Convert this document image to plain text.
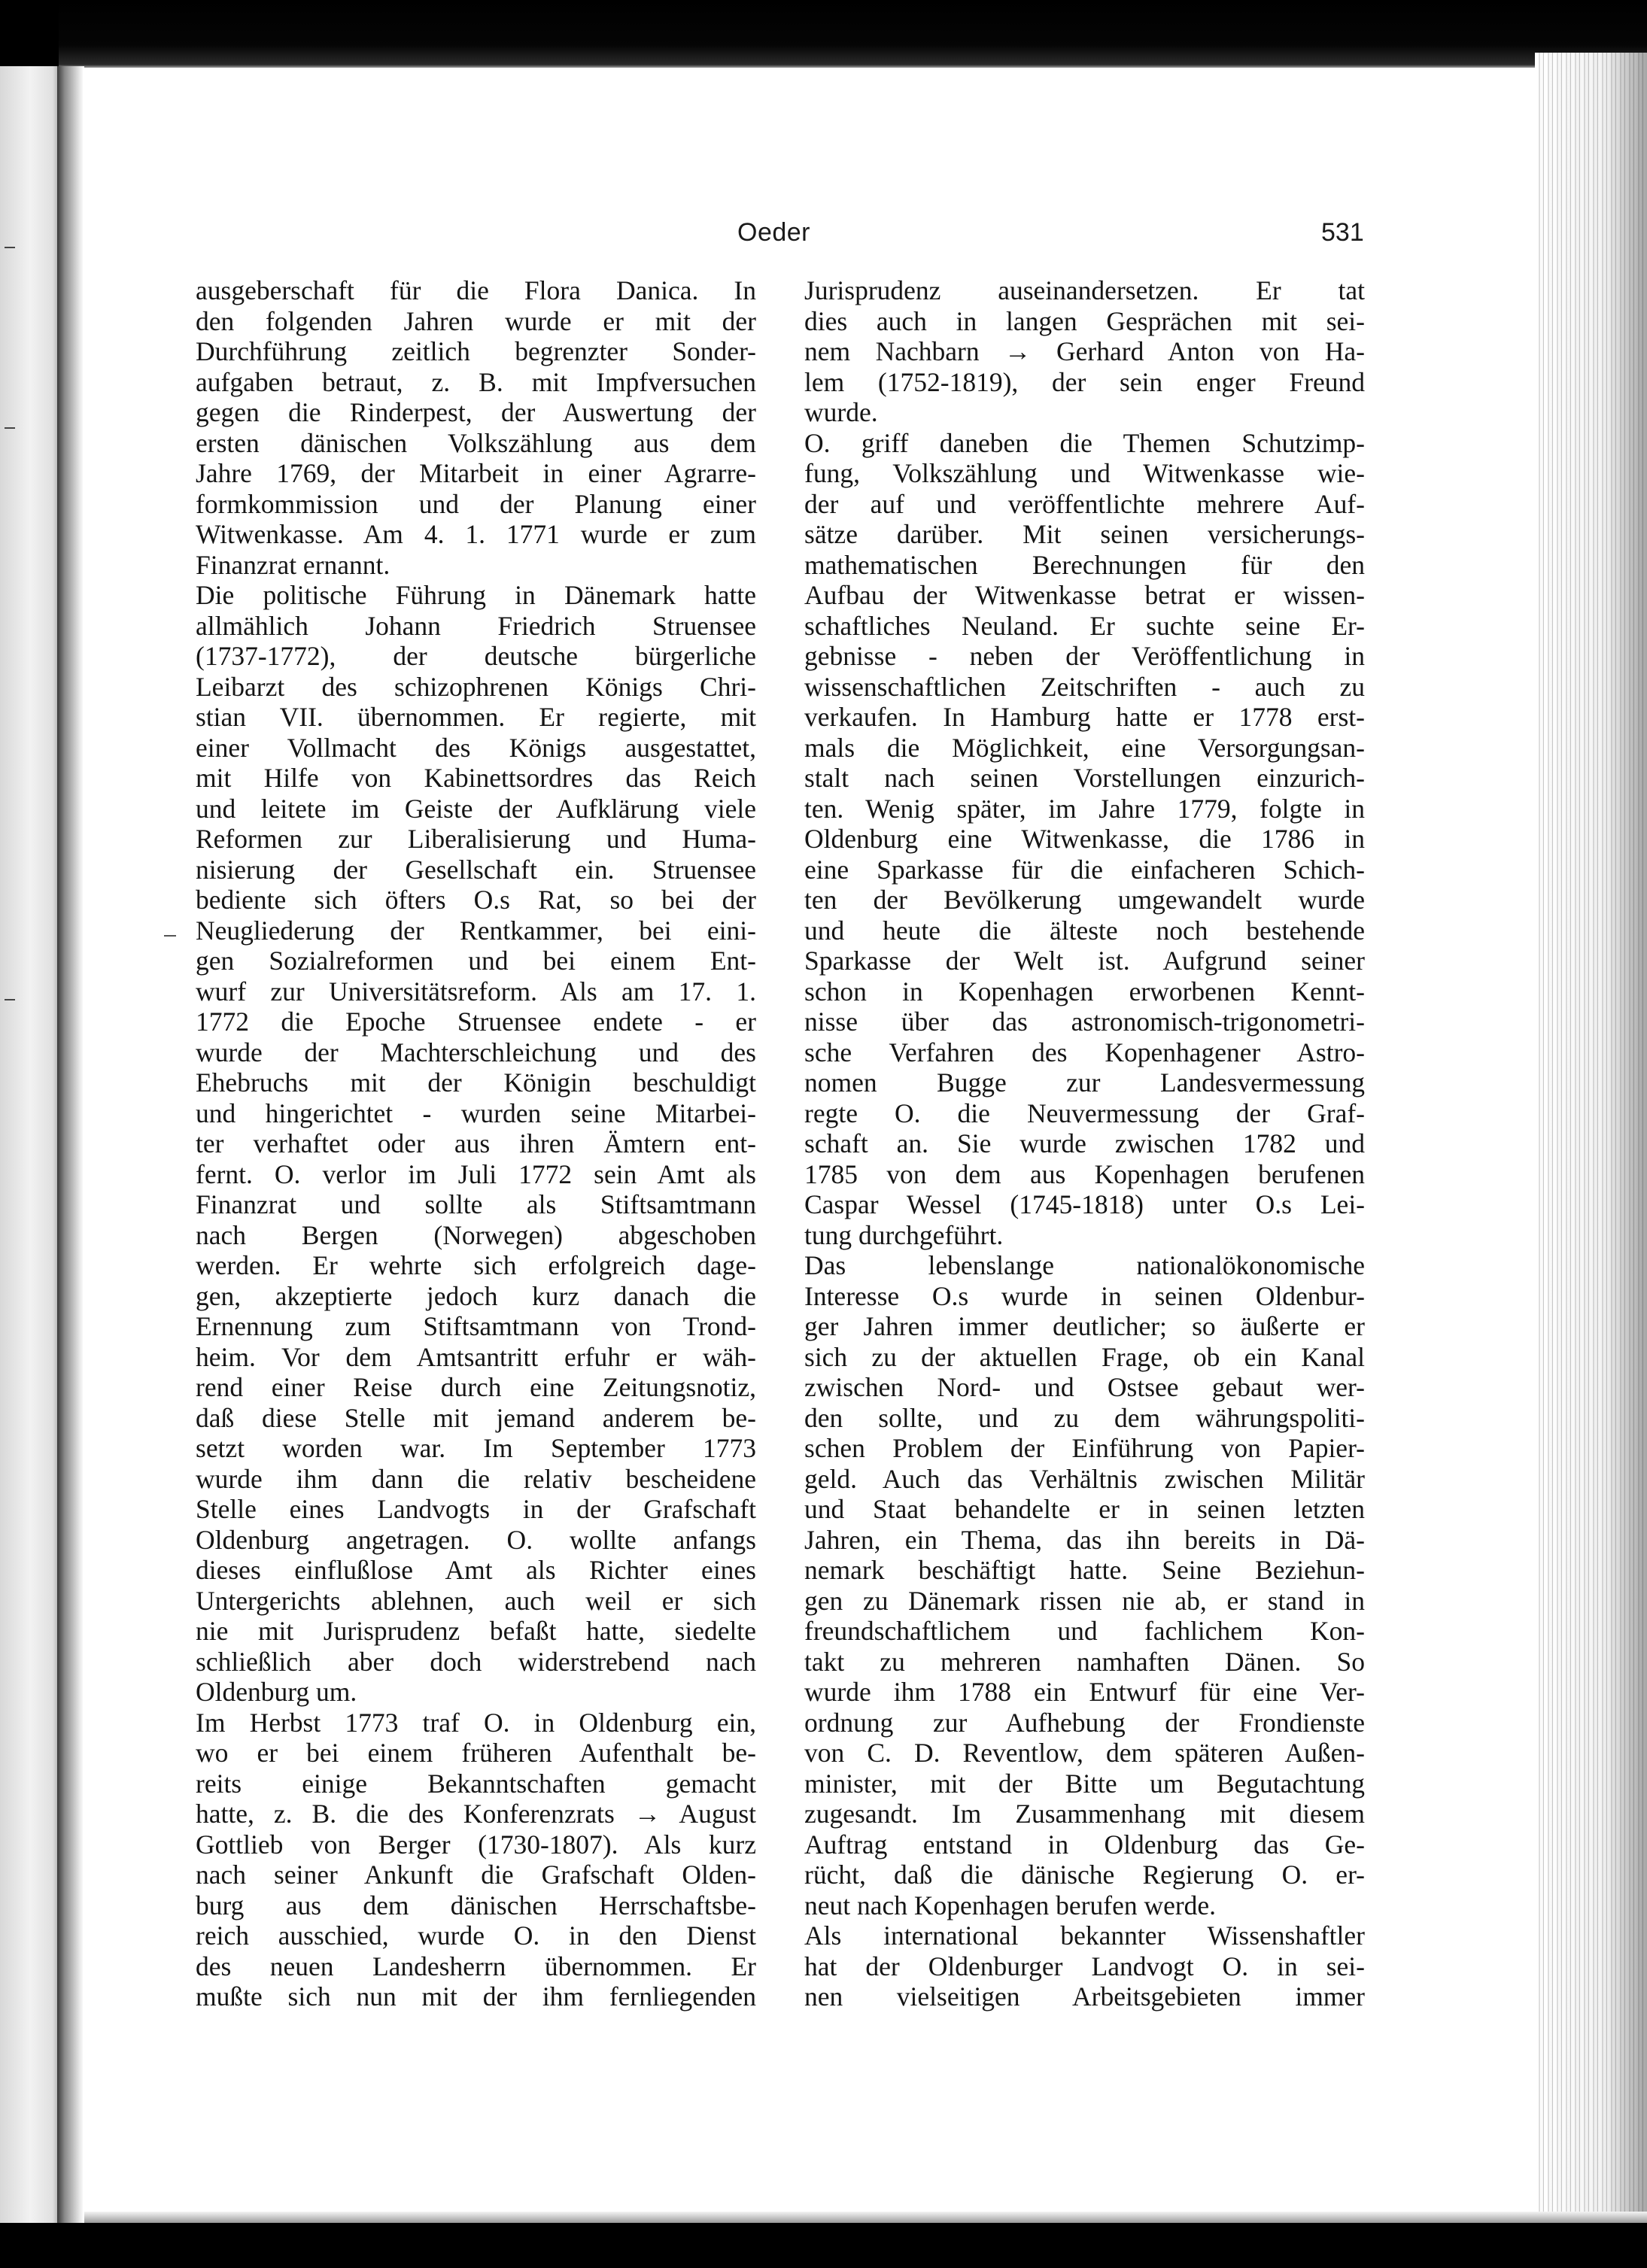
Oeder	531
ausgeberschaft für die Flora Danica. In
den folgenden Jahren wurde er mit der
Durchführung zeitlich begrenzter Sonder-
aufgaben betraut, z. B. mit Impfversuchen
gegen die Rinderpest, der Auswertung der
ersten dänischen Volkszählung aus dem
Jahre 1769, der Mitarbeit in einer Agrarre-
formkommission und der Planung einer
Witwenkasse. Am 4. 1. 1771 wurde er zum
Finanzrat ernannt.
Die politische Führung in Dänemark hatte
allmählich Johann Friedrich Struensee
(1737-1772), der deutsche bürgerliche
Leibarzt des schizophrenen Königs Chri-
stian VII. übernommen. Er regierte, mit
einer Vollmacht des Königs ausgestattet,
mit Hilfe von Kabinettsordres das Reich
und leitete im Geiste der Aufklärung viele
Reformen zur Liberalisierung und Huma-
nisierung der Gesellschaft ein. Struensee
bediente sich öfters O.s Rat, so bei der
Neugliederung der Rentkammer, bei eini-
gen Sozialreformen und bei einem Ent-
wurf zur Universitätsreform. Als am 17. 1.
1772 die Epoche Struensee endete - er
wurde der Machterschleichung und des
Ehebruchs mit der Königin beschuldigt
und hingerichtet - wurden seine Mitarbei-
ter verhaftet oder aus ihren Ämtern ent-
fernt. O. verlor im Juli 1772 sein Amt als
Finanzrat und sollte als Stiftsamtmann
nach Bergen (Norwegen) abgeschoben
werden. Er wehrte sich erfolgreich dage-
gen, akzeptierte jedoch kurz danach die
Ernennung zum Stiftsamtmann von Trond-
heim. Vor dem Amtsantritt erfuhr er wäh-
rend einer Reise durch eine Zeitungsnotiz,
daß diese Stelle mit jemand anderem be-
setzt worden war. Im September 1773
wurde ihm dann die relativ bescheidene
Stelle eines Landvogts in der Grafschaft
Oldenburg angetragen. O. wollte anfangs
dieses einflußlose Amt als Richter eines
Untergerichts ablehnen, auch weil er sich
nie mit Jurisprudenz befaßt hatte, siedelte
schließlich aber doch widerstrebend nach
Oldenburg um.
Im Herbst 1773 traf O. in Oldenburg ein,
wo er bei einem früheren Aufenthalt be-
reits einige Bekanntschaften gemacht
hatte, z. B. die des Konferenzrats → August
Gottlieb von Berger (1730-1807). Als kurz
nach seiner Ankunft die Grafschaft Olden-
burg aus dem dänischen Herrschaftsbe-
reich ausschied, wurde O. in den Dienst
des neuen Landesherrn übernommen. Er
mußte sich nun mit der ihm fernliegenden
Jurisprudenz auseinandersetzen. Er tat
dies auch in langen Gesprächen mit sei-
nem Nachbarn → Gerhard Anton von Ha-
lem (1752-1819), der sein enger Freund
wurde.
O. griff daneben die Themen Schutzimp-
fung, Volkszählung und Witwenkasse wie-
der auf und veröffentlichte mehrere Auf-
sätze darüber. Mit seinen versicherungs-
mathematischen Berechnungen für den
Aufbau der Witwenkasse betrat er wissen-
schaftliches Neuland. Er suchte seine Er-
gebnisse - neben der Veröffentlichung in
wissenschaftlichen Zeitschriften - auch zu
verkaufen. In Hamburg hatte er 1778 erst-
mals die Möglichkeit, eine Versorgungsan-
stalt nach seinen Vorstellungen einzurich-
ten. Wenig später, im Jahre 1779, folgte in
Oldenburg eine Witwenkasse, die 1786 in
eine Sparkasse für die einfacheren Schich-
ten der Bevölkerung umgewandelt wurde
und heute die älteste noch bestehende
Sparkasse der Welt ist. Aufgrund seiner
schon in Kopenhagen erworbenen Kennt-
nisse über das astronomisch-trigonometri-
sche Verfahren des Kopenhagener Astro-
nomen Bugge zur Landesvermessung
regte O. die Neuvermessung der Graf-
schaft an. Sie wurde zwischen 1782 und
1785 von dem aus Kopenhagen berufenen
Caspar Wessel (1745-1818) unter O.s Lei-
tung durchgeführt.
Das lebenslange nationalökonomische
Interesse O.s wurde in seinen Oldenbur-
ger Jahren immer deutlicher; so äußerte er
sich zu der aktuellen Frage, ob ein Kanal
zwischen Nord- und Ostsee gebaut wer-
den sollte, und zu dem währungspoliti-
schen Problem der Einführung von Papier-
geld. Auch das Verhältnis zwischen Militär
und Staat behandelte er in seinen letzten
Jahren, ein Thema, das ihn bereits in Dä-
nemark beschäftigt hatte. Seine Beziehun-
gen zu Dänemark rissen nie ab, er stand in
freundschaftlichem und fachlichem Kon-
takt zu mehreren namhaften Dänen. So
wurde ihm 1788 ein Entwurf für eine Ver-
ordnung zur Aufhebung der Frondienste
von C. D. Reventlow, dem späteren Außen-
minister, mit der Bitte um Begutachtung
zugesandt. Im Zusammenhang mit diesem
Auftrag entstand in Oldenburg das Ge-
rücht, daß die dänische Regierung O. er-
neut nach Kopenhagen berufen werde.
Als international bekannter Wissenshaftler
hat der Oldenburger Landvogt O. in sei-
nen vielseitigen Arbeitsgebieten immer
